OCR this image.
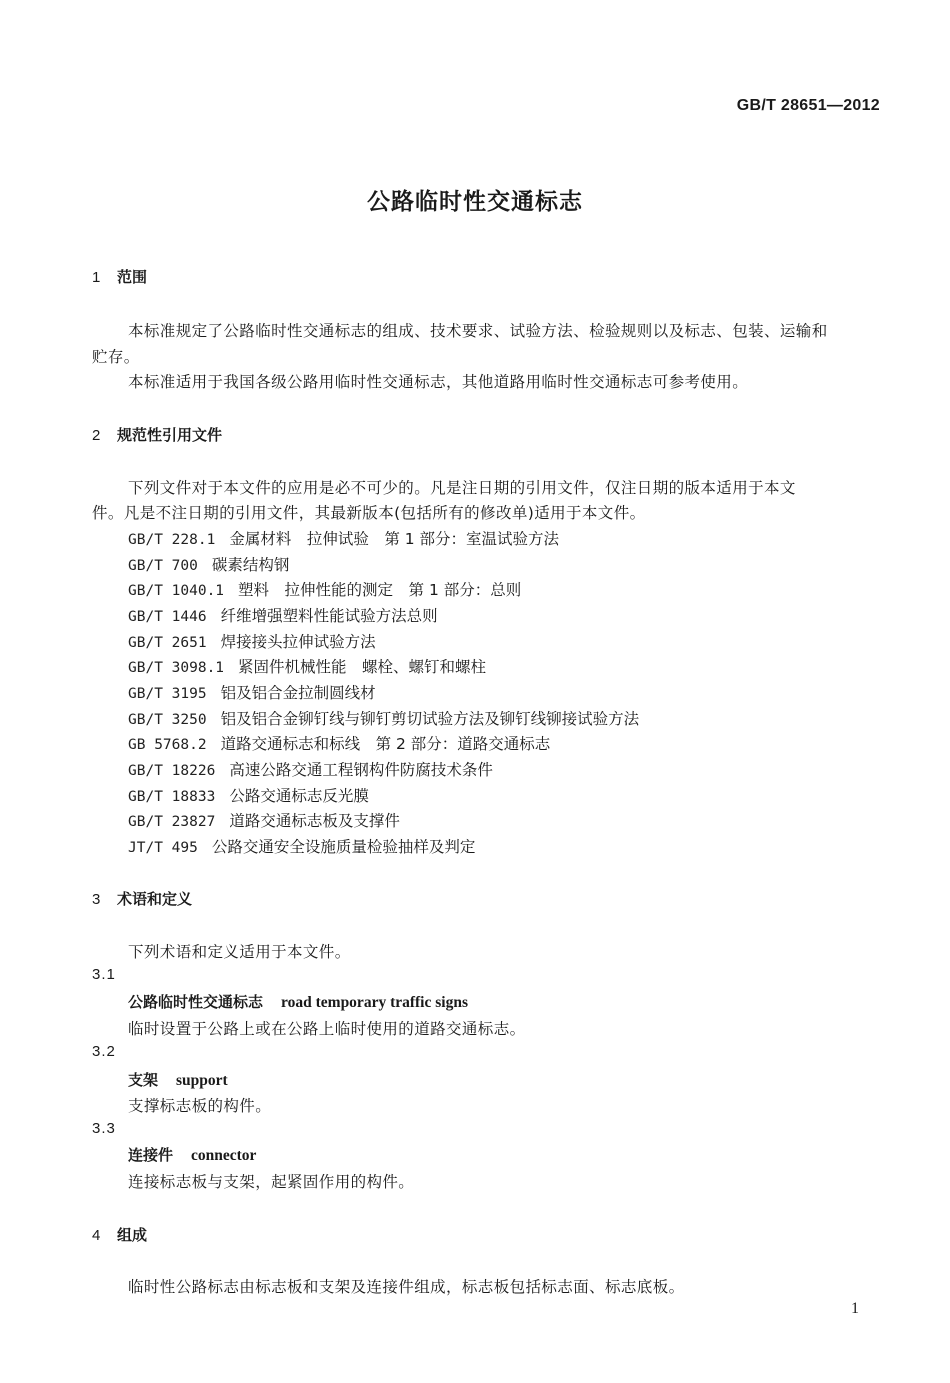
GB/T 28651—2012
公路临时性交通标志
1 范围
本标准规定了公路临时性交通标志的组成、技术要求、试验方法、检验规则以及标志、包装、运输和
贮存。
本标准适用于我国各级公路用临时性交通标志，其他道路用临时性交通标志可参考使用。
2 规范性引用文件
下列文件对于本文件的应用是必不可少的。凡是注日期的引用文件，仅注日期的版本适用于本文
件。凡是不注日期的引用文件，其最新版本(包括所有的修改单)适用于本文件。
GB/T 228.1 金属材料　拉伸试验　第 1 部分：室温试验方法
GB/T 700 碳素结构钢
GB/T 1040.1 塑料　拉伸性能的测定　第 1 部分：总则
GB/T 1446 纤维增强塑料性能试验方法总则
GB/T 2651 焊接接头拉伸试验方法
GB/T 3098.1 紧固件机械性能　螺栓、螺钉和螺柱
GB/T 3195 铝及铝合金拉制圆线材
GB/T 3250 铝及铝合金铆钉线与铆钉剪切试验方法及铆钉线铆接试验方法
GB 5768.2 道路交通标志和标线　第 2 部分：道路交通标志
GB/T 18226 高速公路交通工程钢构件防腐技术条件
GB/T 18833 公路交通标志反光膜
GB/T 23827 道路交通标志板及支撑件
JT/T 495 公路交通安全设施质量检验抽样及判定
3 术语和定义
下列术语和定义适用于本文件。
3.1
公路临时性交通标志 road temporary traffic signs
临时设置于公路上或在公路上临时使用的道路交通标志。
3.2
支架 support
支撑标志板的构件。
3.3
连接件 connector
连接标志板与支架，起紧固作用的构件。
4 组成
临时性公路标志由标志板和支架及连接件组成，标志板包括标志面、标志底板。
1
